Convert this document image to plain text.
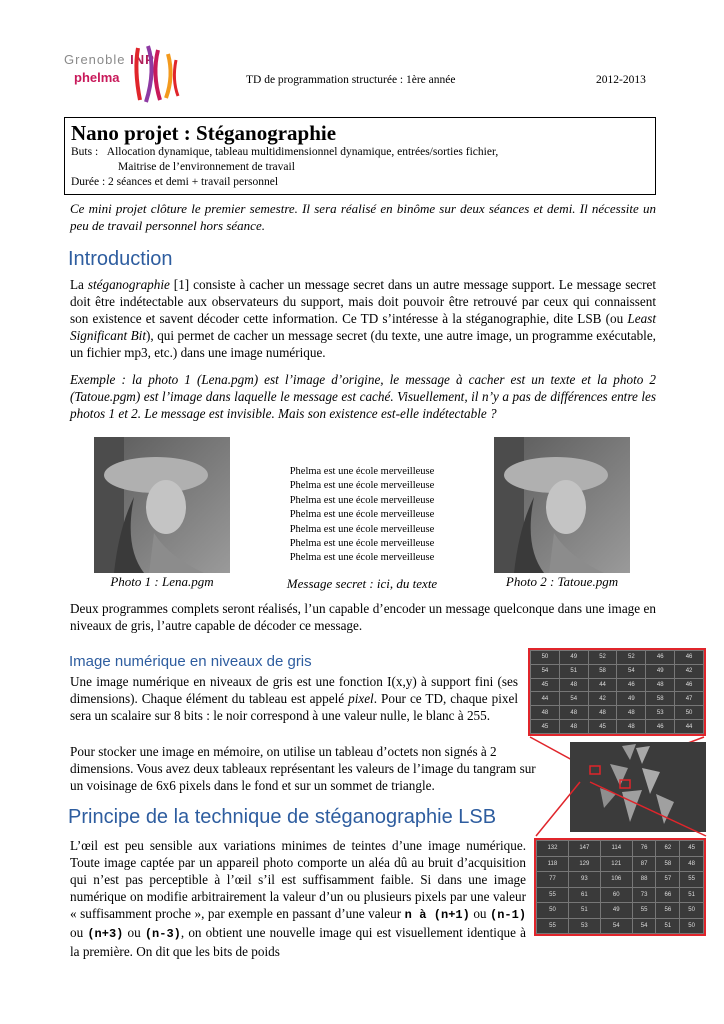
Grenoble INP
phelma	TD de programmation structurée : 1ère année	2012-2013
Nano projet : Stéganographie
Buts : Allocation dynamique, tableau multidimensionnel dynamique, entrées/sorties fichier,
Maitrise de l’environnement de travail
Durée : 2 séances et demi + travail personnel
Ce mini projet clôture le premier semestre. Il sera réalisé en binôme sur deux séances et demi. Il nécessite un peu de travail personnel hors séance.
Introduction
La stéganographie [1] consiste à cacher un message secret dans un autre message support. Le message secret doit être indétectable aux observateurs du support, mais doit pouvoir être retrouvé par ceux qui connaissent son existence et savent décoder cette information. Ce TD s’intéresse à la stéganographie, dite LSB (ou Least Significant Bit), qui permet de cacher un message secret (du texte, une autre image, un programme exécutable, un fichier mp3, etc.) dans une image numérique.
Exemple : la photo 1 (Lena.pgm) est l’image d’origine, le message à cacher est un texte et la photo 2 (Tatoue.pgm) est l’image dans laquelle le message est caché. Visuellement, il n’y a pas de différences entre les photos 1 et 2. Le message est invisible. Mais son existence est-elle indétectable ?
Phelma est une école merveilleuse
Phelma est une école merveilleuse
Phelma est une école merveilleuse
Phelma est une école merveilleuse
Phelma est une école merveilleuse
Phelma est une école merveilleuse
Phelma est une école merveilleuse
Photo 1 : Lena.pgm	Message secret : ici, du texte	Photo 2 : Tatoue.pgm
Deux programmes complets seront réalisés, l’un capable d’encoder un message quelconque dans une image en niveaux de gris, l’autre capable de décoder ce message.
Image numérique en niveaux de gris
Une image numérique en niveaux de gris est une fonction I(x,y) à support fini (ses dimensions). Chaque élément du tableau est appelé pixel. Pour ce TD, chaque pixel sera un scalaire sur 8 bits : le noir correspond à une valeur nulle, le blanc à 255.
Pour stocker une image en mémoire, on utilise un tableau d’octets non signés à 2 dimensions. Vous avez deux tableaux représentant les valeurs de l’image du tangram sur un voisinage de 6x6 pixels dans le fond et sur un sommet de triangle.
50	49	52	52	46	46
54	51	58	54	49	42
45	48	44	46	48	46
44	54	42	49	58	47
48	48	48	48	53	50
45	48	45	48	46	44
Principe de la technique de stéganographie LSB
L’œil est peu sensible aux variations minimes de teintes d’une image numérique. Toute image captée par un appareil photo comporte un aléa dû au bruit d’acquisition qui n’est pas perceptible à l’œil s’il est suffisamment faible. Si dans une image numérique on modifie arbitrairement la valeur d’un ou plusieurs pixels par une valeur « suffisamment proche », par exemple en passant d’une valeur n à (n+1) ou (n-1) ou (n+3) ou (n-3), on obtient une nouvelle image qui est visuellement identique à la première. On dit que les bits de poids
132	147	114	76	62	45
118	129	121	87	58	48
77	93	106	88	57	55
55	61	60	73	66	51
50	51	49	55	56	50
55	53	54	54	51	50
